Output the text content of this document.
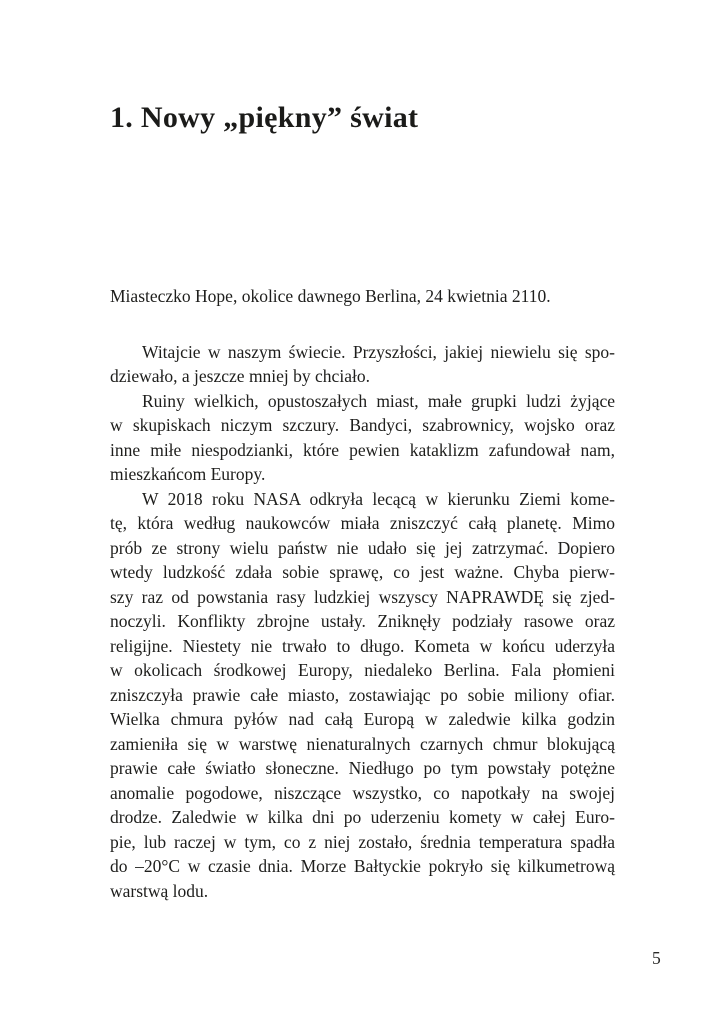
1. Nowy „piękny” świat

Miasteczko Hope, okolice dawnego Berlina, 24 kwietnia 2110.

Witajcie w naszym świecie. Przyszłości, jakiej niewielu się spo-
dziewało, a jeszcze mniej by chciało.

Ruiny wielkich, opustoszałych miast, małe grupki ludzi żyjące
w skupiskach niczym szczury. Bandyci, szabrownicy, wojsko oraz
inne miłe niespodzianki, które pewien kataklizm zafundował nam,
mieszkańcom Europy.

W 2018 roku NASA odkryła lecącą w kierunku Ziemi kome-
tę, która według naukowców miała zniszczyć całą planetę. Mimo
prób ze strony wielu państw nie udało się jej zatrzymać. Dopiero
wtedy ludzkość zdała sobie sprawę, co jest ważne. Chyba pierw-
szy raz od powstania rasy ludzkiej wszyscy NAPRAWDĘ się zjed-
noczyli. Konflikty zbrojne ustały. Zniknęły podziały rasowe oraz
religijne. Niestety nie trwało to długo. Kometa w końcu uderzyła
w okolicach środkowej Europy, niedaleko Berlina. Fala płomieni
zniszczyła prawie całe miasto, zostawiając po sobie miliony ofiar.
Wielka chmura pyłów nad całą Europą w zaledwie kilka godzin
zamieniła się w warstwę nienaturalnych czarnych chmur blokującą
prawie całe światło słoneczne. Niedługo po tym powstały potężne
anomalie pogodowe, niszczące wszystko, co napotkały na swojej
drodze. Zaledwie w kilka dni po uderzeniu komety w całej Euro-
pie, lub raczej w tym, co z niej zostało, średnia temperatura spadła
do –20°C w czasie dnia. Morze Bałtyckie pokryło się kilkumetrową
warstwą lodu.

5
